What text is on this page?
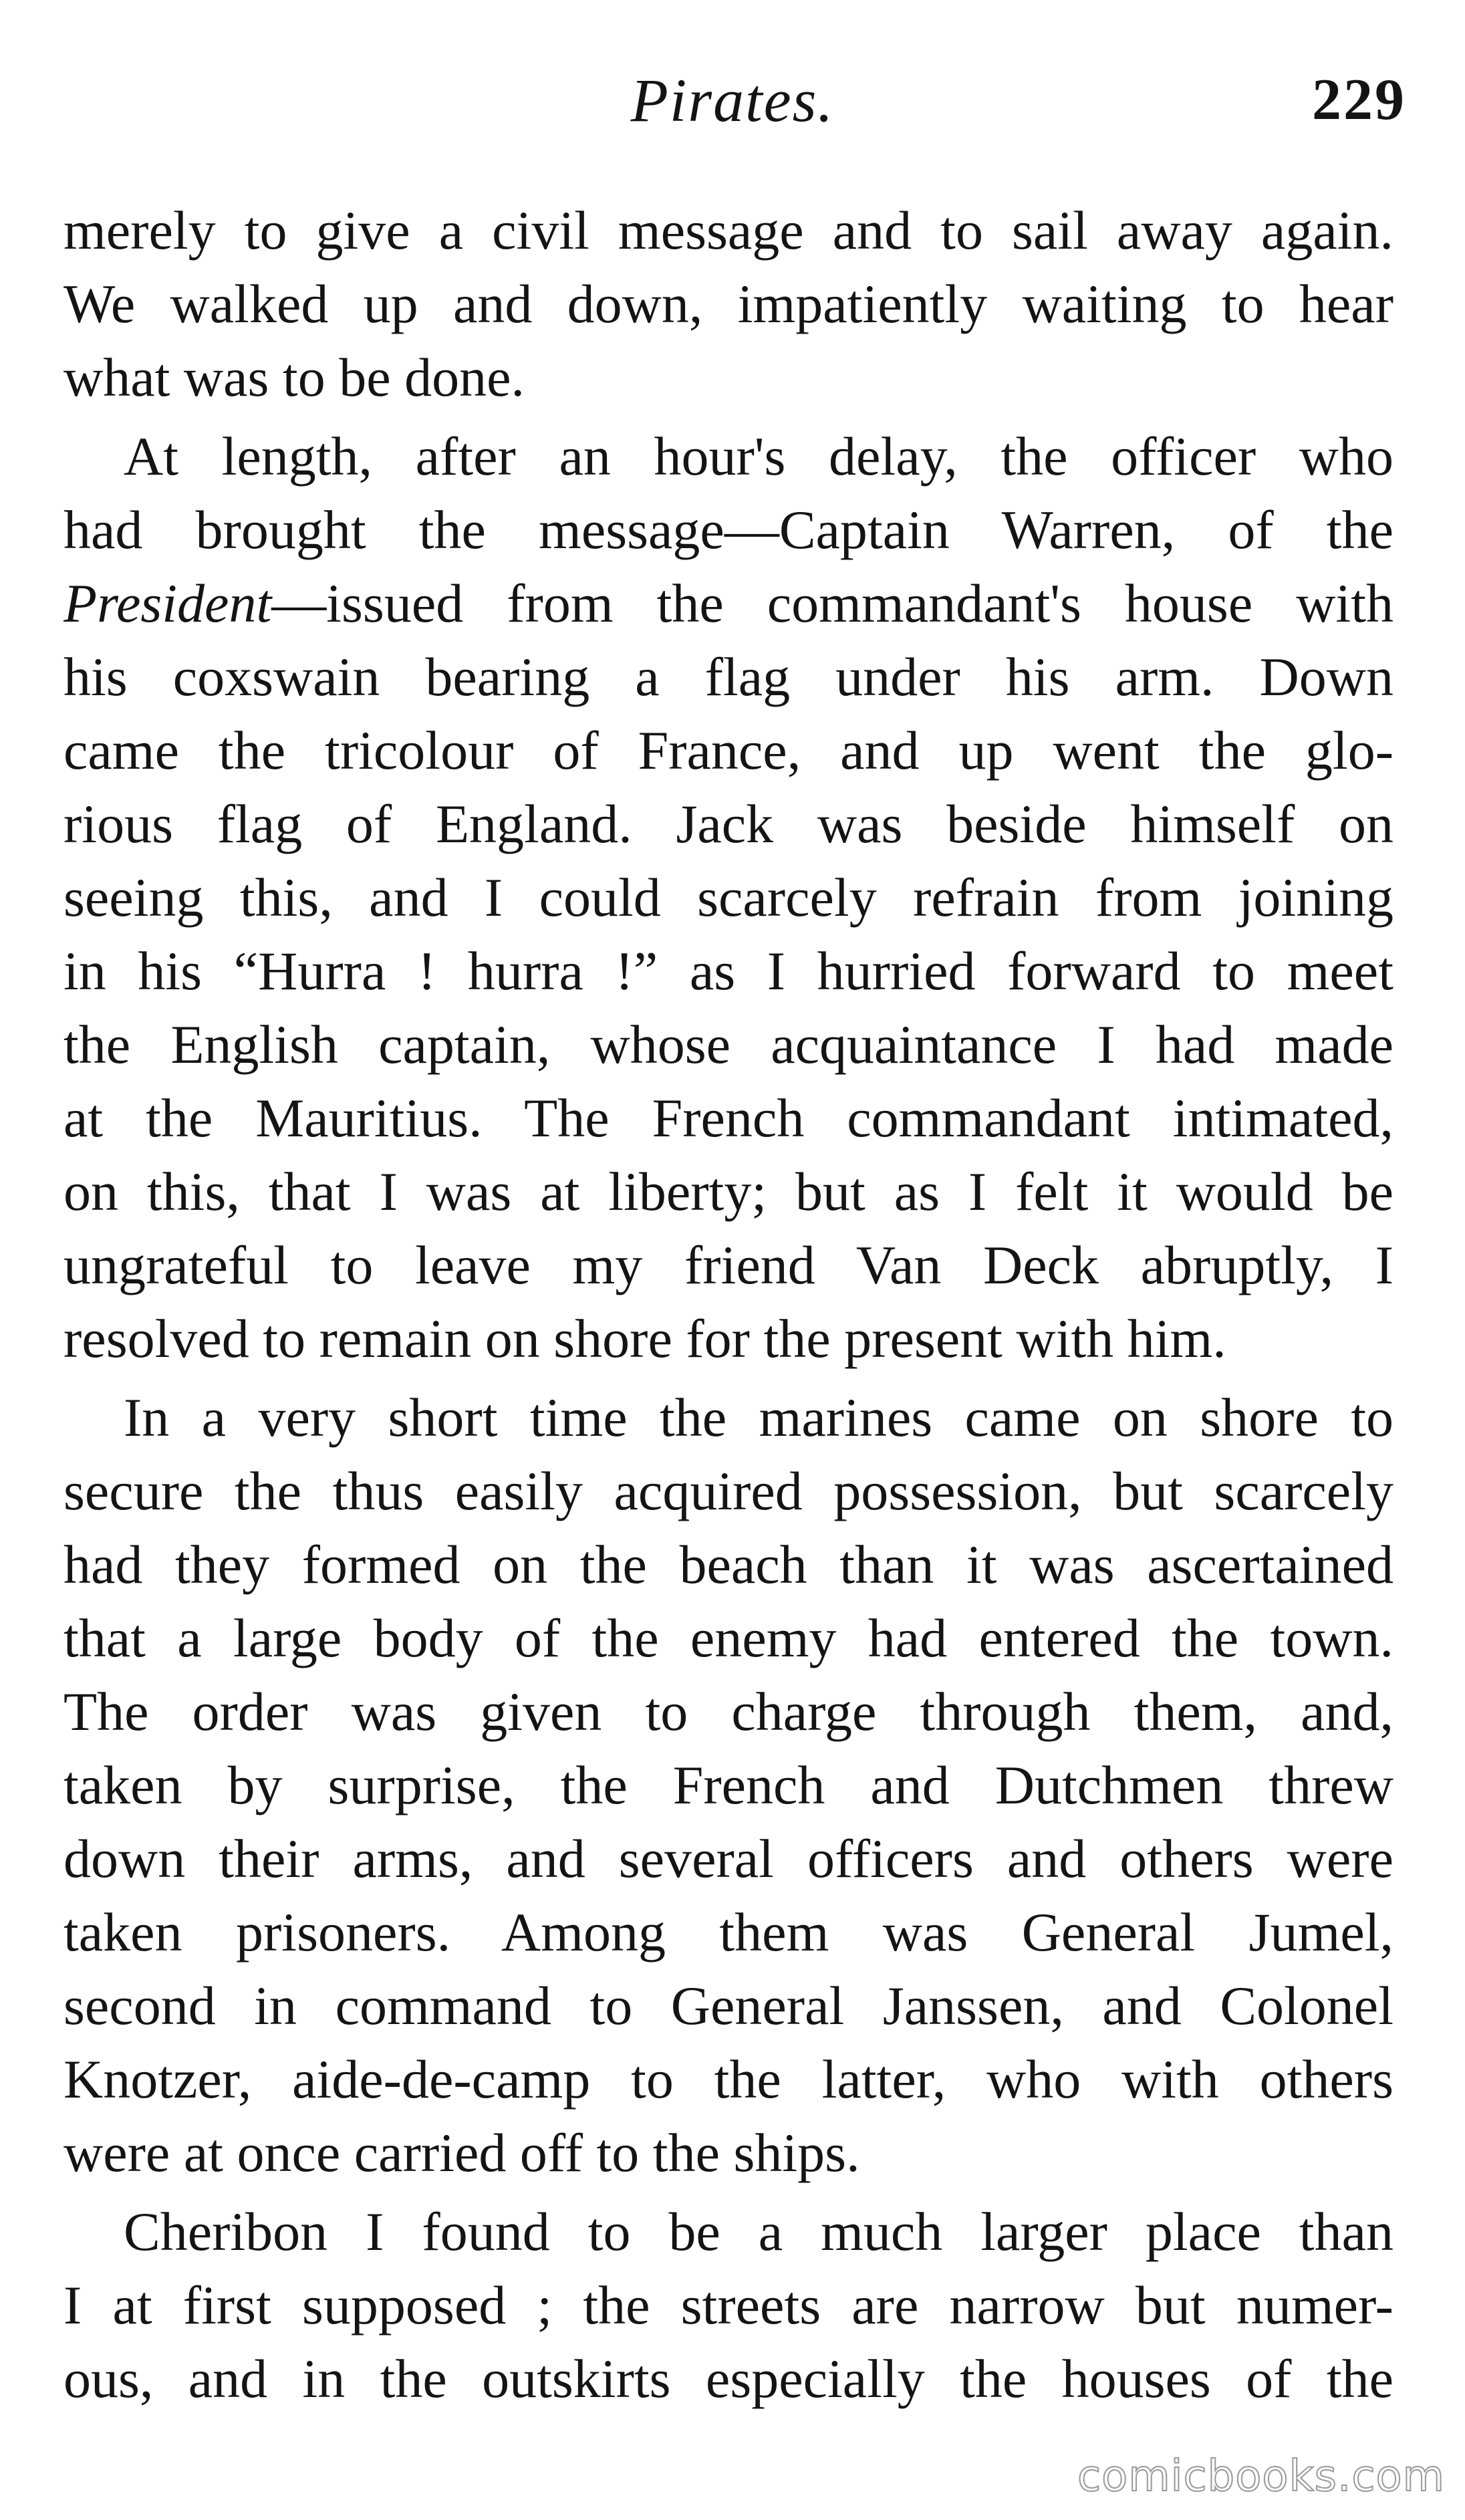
Pirates.	229
merely to give a civil message and to sail away again.
We walked up and down, impatiently waiting to hear
what was to be done.
At length, after an hour's delay, the officer who
had brought the message—Captain Warren, of the
President—issued from the commandant's house with
his coxswain bearing a flag under his arm. Down
came the tricolour of France, and up went the glo-
rious flag of England. Jack was beside himself on
seeing this, and I could scarcely refrain from joining
in his “Hurra ! hurra !” as I hurried forward to meet
the English captain, whose acquaintance I had made
at the Mauritius. The French commandant intimated,
on this, that I was at liberty; but as I felt it would be
ungrateful to leave my friend Van Deck abruptly, I
resolved to remain on shore for the present with him.
In a very short time the marines came on shore to
secure the thus easily acquired possession, but scarcely
had they formed on the beach than it was ascertained
that a large body of the enemy had entered the town.
The order was given to charge through them, and,
taken by surprise, the French and Dutchmen threw
down their arms, and several officers and others were
taken prisoners. Among them was General Jumel,
second in command to General Janssen, and Colonel
Knotzer, aide-de-camp to the latter, who with others
were at once carried off to the ships.
Cheribon I found to be a much larger place than
I at first supposed ; the streets are narrow but numer-
ous, and in the outskirts especially the houses of the
comicbooks.com
